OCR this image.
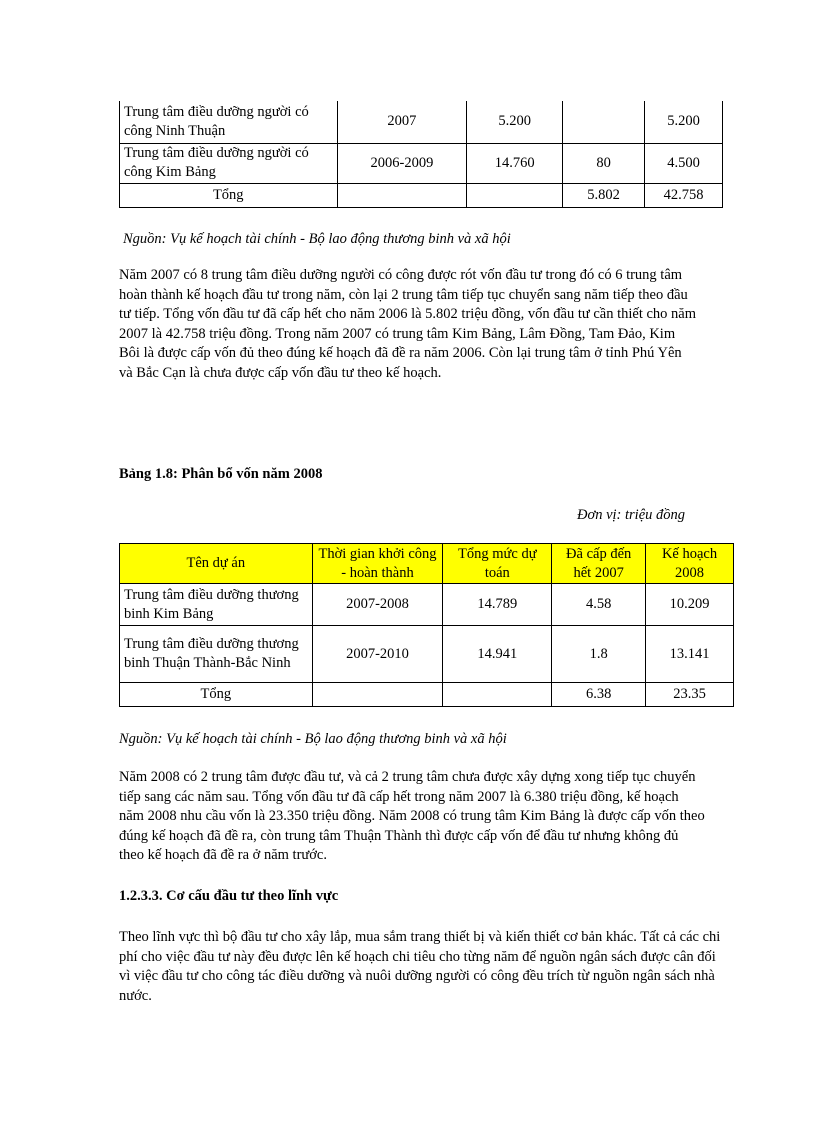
Trung tâm điều dưỡng người có công Ninh Thuận	2007	5.200		5.200
Trung tâm điều dưỡng người có công Kim Bảng	2006-2009	14.760	80	4.500
Tổng			5.802	42.758
Nguồn: Vụ kế hoạch tài chính - Bộ lao động thương binh và xã hội

Năm 2007 có 8 trung tâm điều dưỡng người có công được rót vốn đầu tư trong đó có 6 trung tâm hoàn thành kế hoạch đầu tư trong năm, còn lại 2 trung tâm tiếp tục chuyển sang năm tiếp theo đầu tư tiếp. Tổng vốn đầu tư đã cấp hết cho năm 2006 là 5.802 triệu đồng, vốn đầu tư cần thiết cho năm 2007 là 42.758 triệu đồng. Trong năm 2007 có trung tâm Kim Bảng, Lâm Đồng, Tam Đảo, Kim Bôi là được cấp vốn đủ theo đúng kế hoạch đã đề ra năm 2006. Còn lại trung tâm ở tỉnh Phú Yên và Bắc Cạn là chưa được cấp vốn đầu tư theo kế hoạch.

Bảng 1.8: Phân bổ vốn năm 2008
Đơn vị: triệu đồng
Tên dự án	Thời gian khởi công - hoàn thành	Tổng mức dự toán	Đã cấp đến hết 2007	Kế hoạch 2008
Trung tâm điều dưỡng thương binh Kim Bảng	2007-2008	14.789	4.58	10.209
Trung tâm điều dưỡng thương binh Thuận Thành-Bắc Ninh	2007-2010	14.941	1.8	13.141
Tổng			6.38	23.35
Nguồn: Vụ kế hoạch tài chính - Bộ lao động thương binh và xã hội

Năm 2008 có 2 trung tâm được đầu tư, và cả 2 trung tâm chưa được xây dựng xong tiếp tục chuyển tiếp sang các năm sau. Tổng vốn đầu tư đã cấp hết trong năm 2007 là 6.380 triệu đồng, kế hoạch năm 2008 nhu cầu vốn là 23.350 triệu đồng. Năm 2008 có trung tâm Kim Bảng là được cấp vốn theo đúng kế hoạch đã đề ra, còn trung tâm Thuận Thành thì được cấp vốn để đầu tư nhưng không đủ theo kế hoạch đã đề ra ở năm trước.

1.2.3.3. Cơ cấu đầu tư theo lĩnh vực

Theo lĩnh vực thì bộ đầu tư cho xây lắp, mua sắm trang thiết bị và kiến thiết cơ bản khác. Tất cả các chi phí cho việc đầu tư này đều được lên kế hoạch chi tiêu cho từng năm để nguồn ngân sách được cân đối vì việc đầu tư cho công tác điều dưỡng và nuôi dưỡng người có công đều trích từ nguồn ngân sách nhà nước.
